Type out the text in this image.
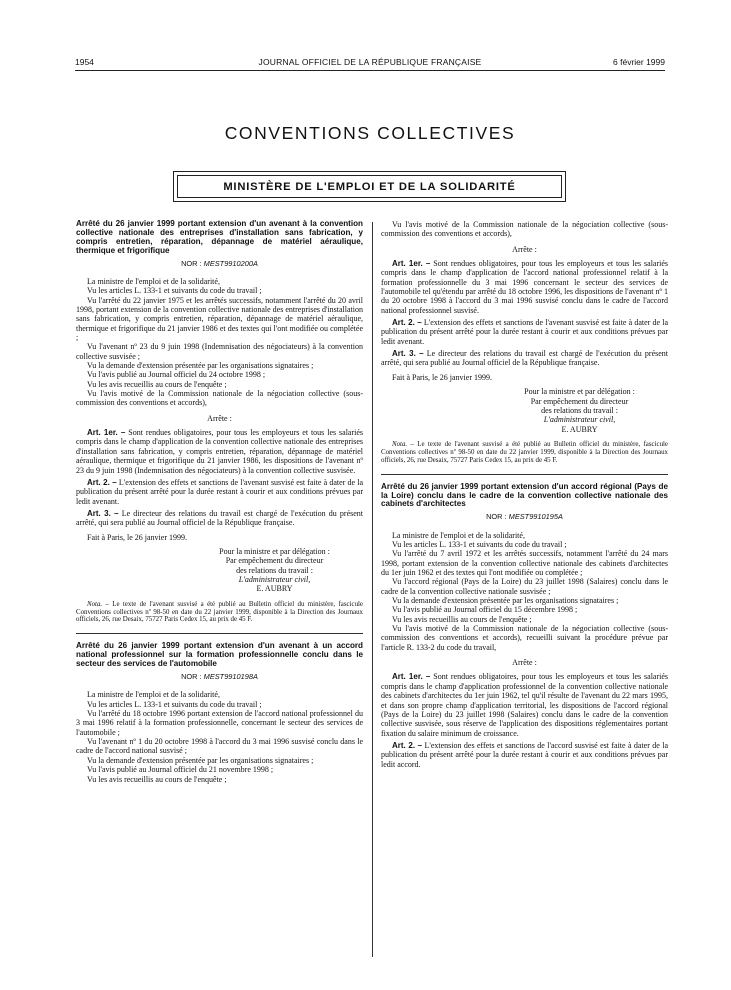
1954	JOURNAL OFFICIEL DE LA RÉPUBLIQUE FRANÇAISE	6 février 1999
CONVENTIONS COLLECTIVES
MINISTÈRE DE L'EMPLOI ET DE LA SOLIDARITÉ

Arrêté du 26 janvier 1999 portant extension d'un avenant à la convention collective nationale des entreprises d'installation sans fabrication, y compris entretien, réparation, dépannage de matériel aéraulique, thermique et frigorifique

NOR : MESТ9910200A

La ministre de l'emploi et de la solidarité,

Vu les articles L. 133-1 et suivants du code du travail ;

Vu l'arrêté du 22 janvier 1975 et les arrêtés successifs, notamment l'arrêté du 20 avril 1998, portant extension de la convention collective nationale des entreprises d'installation sans fabrication, y compris entretien, réparation, dépannage de matériel aéraulique, thermique et frigorifique du 21 janvier 1986 et des textes qui l'ont modifiée ou complétée ;

Vu l'avenant nº 23 du 9 juin 1998 (Indemnisation des négociateurs) à la convention collective susvisée ;

Vu la demande d'extension présentée par les organisations signataires ;

Vu l'avis publié au Journal officiel du 24 octobre 1998 ;

Vu les avis recueillis au cours de l'enquête ;

Vu l'avis motivé de la Commission nationale de la négociation collective (sous-commission des conventions et accords),

Arrête :

Art. 1er. – Sont rendues obligatoires, pour tous les employeurs et tous les salariés compris dans le champ d'application de la convention collective nationale des entreprises d'installation sans fabrication, y compris entretien, réparation, dépannage de matériel aéraulique, thermique et frigorifique du 21 janvier 1986, les dispositions de l'avenant nº 23 du 9 juin 1998 (Indemnisation des négociateurs) à la convention collective susvisée.

Art. 2. – L'extension des effets et sanctions de l'avenant susvisé est faite à dater de la publication du présent arrêté pour la durée restant à courir et aux conditions prévues par ledit avenant.

Art. 3. – Le directeur des relations du travail est chargé de l'exécution du présent arrêté, qui sera publié au Journal officiel de la République française.

Fait à Paris, le 26 janvier 1999.

Pour la ministre et par délégation :
Par empêchement du directeur
des relations du travail :
L'administrateur civil,
E. AUBRY

Nota. – Le texte de l'avenant susvisé a été publié au Bulletin officiel du ministère, fascicule Conventions collectives nº 98-50 en date du 22 janvier 1999, disponible à la Direction des Journaux officiels, 26, rue Desaix, 75727 Paris Cedex 15, au prix de 45 F.

Arrêté du 26 janvier 1999 portant extension d'un avenant à un accord national professionnel sur la formation professionnelle conclu dans le secteur des services de l'automobile

NOR : MEST9910198A

La ministre de l'emploi et de la solidarité,

Vu les articles L. 133-1 et suivants du code du travail ;

Vu l'arrêté du 18 octobre 1996 portant extension de l'accord national professionnel du 3 mai 1996 relatif à la formation professionnelle, concernant le secteur des services de l'automobile ;

Vu l'avenant nº 1 du 20 octobre 1998 à l'accord du 3 mai 1996 susvisé conclu dans le cadre de l'accord national susvisé ;

Vu la demande d'extension présentée par les organisations signataires ;

Vu l'avis publié au Journal officiel du 21 novembre 1998 ;

Vu les avis recueillis au cours de l'enquête ;

Vu l'avis motivé de la Commission nationale de la négociation collective (sous-commission des conventions et accords),

Arrête :

Art. 1er. – Sont rendues obligatoires, pour tous les employeurs et tous les salariés compris dans le champ d'application de l'accord national professionnel relatif à la formation professionnelle du 3 mai 1996 concernant le secteur des services de l'automobile tel qu'étendu par arrêté du 18 octobre 1996, les dispositions de l'avenant nº 1 du 20 octobre 1998 à l'accord du 3 mai 1996 susvisé conclu dans le cadre de l'accord national professionnel susvisé.

Art. 2. – L'extension des effets et sanctions de l'avenant susvisé est faite à dater de la publication du présent arrêté pour la durée restant à courir et aux conditions prévues par ledit avenant.

Art. 3. – Le directeur des relations du travail est chargé de l'exécution du présent arrêté, qui sera publié au Journal officiel de la République française.

Fait à Paris, le 26 janvier 1999.

Pour la ministre et par délégation :
Par empêchement du directeur
des relations du travail :
L'administrateur civil,
E. AUBRY

Nota. – Le texte de l'avenant susvisé a été publié au Bulletin officiel du ministère, fascicule Conventions collectives nº 98-50 en date du 22 janvier 1999, disponible à la Direction des Journaux officiels, 26, rue Desaix, 75727 Paris Cedex 15, au prix de 45 F.

Arrêté du 26 janvier 1999 portant extension d'un accord régional (Pays de la Loire) conclu dans le cadre de la convention collective nationale des cabinets d'architectes

NOR : MEST9910195A

La ministre de l'emploi et de la solidarité,

Vu les articles L. 133-1 et suivants du code du travail ;

Vu l'arrêté du 7 avril 1972 et les arrêtés successifs, notamment l'arrêté du 24 mars 1998, portant extension de la convention collective nationale des cabinets d'architectes du 1er juin 1962 et des textes qui l'ont modifiée ou complétée ;

Vu l'accord régional (Pays de la Loire) du 23 juillet 1998 (Salaires) conclu dans le cadre de la convention collective nationale susvisée ;

Vu la demande d'extension présentée par les organisations signataires ;

Vu l'avis publié au Journal officiel du 15 décembre 1998 ;

Vu les avis recueillis au cours de l'enquête ;

Vu l'avis motivé de la Commission nationale de la négociation collective (sous-commission des conventions et accords), recueilli suivant la procédure prévue par l'article R. 133-2 du code du travail,

Arrête :

Art. 1er. – Sont rendues obligatoires, pour tous les employeurs et tous les salariés compris dans le champ d'application professionnel de la convention collective nationale des cabinets d'architectes du 1er juin 1962, tel qu'il résulte de l'avenant du 22 mars 1995, et dans son propre champ d'application territorial, les dispositions de l'accord régional (Pays de la Loire) du 23 juillet 1998 (Salaires) conclu dans le cadre de la convention collective susvisée, sous réserve de l'application des dispositions réglementaires portant fixation du salaire minimum de croissance.

Art. 2. – L'extension des effets et sanctions de l'accord susvisé est faite à dater de la publication du présent arrêté pour la durée restant à courir et aux conditions prévues par ledit accord.
